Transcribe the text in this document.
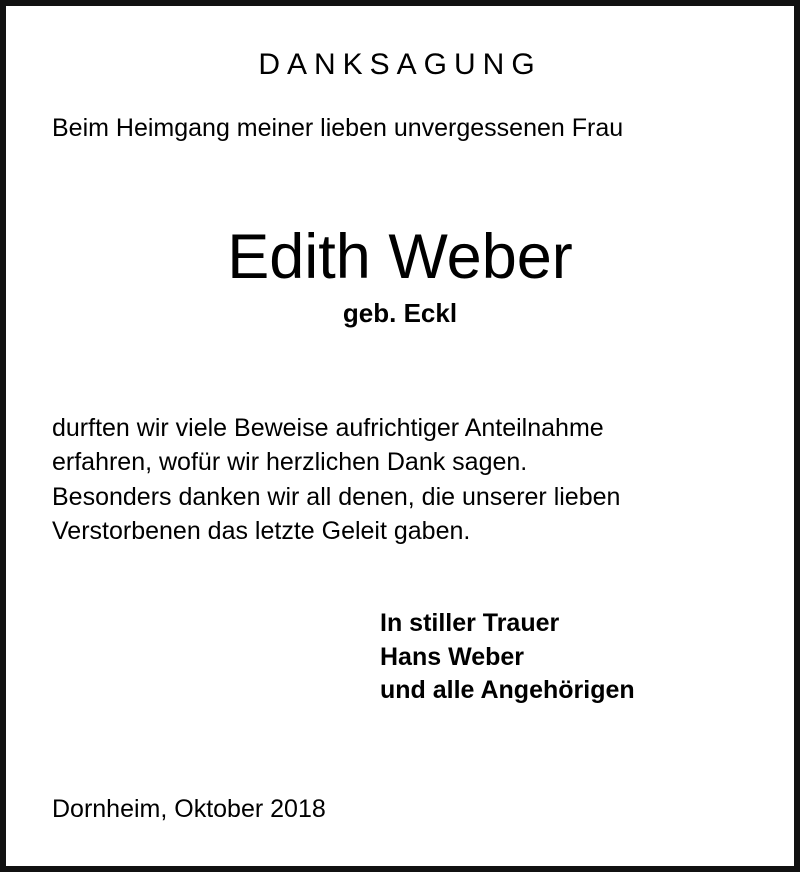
DANKSAGUNG
Beim Heimgang meiner lieben unvergessenen Frau
Edith Weber
geb. Eckl
durften wir viele Beweise aufrichtiger Anteilnahme
erfahren, wofür wir herzlichen Dank sagen.
Besonders danken wir all denen, die unserer lieben
Verstorbenen das letzte Geleit gaben.
In stiller Trauer
Hans Weber
und alle Angehörigen
Dornheim, Oktober 2018
